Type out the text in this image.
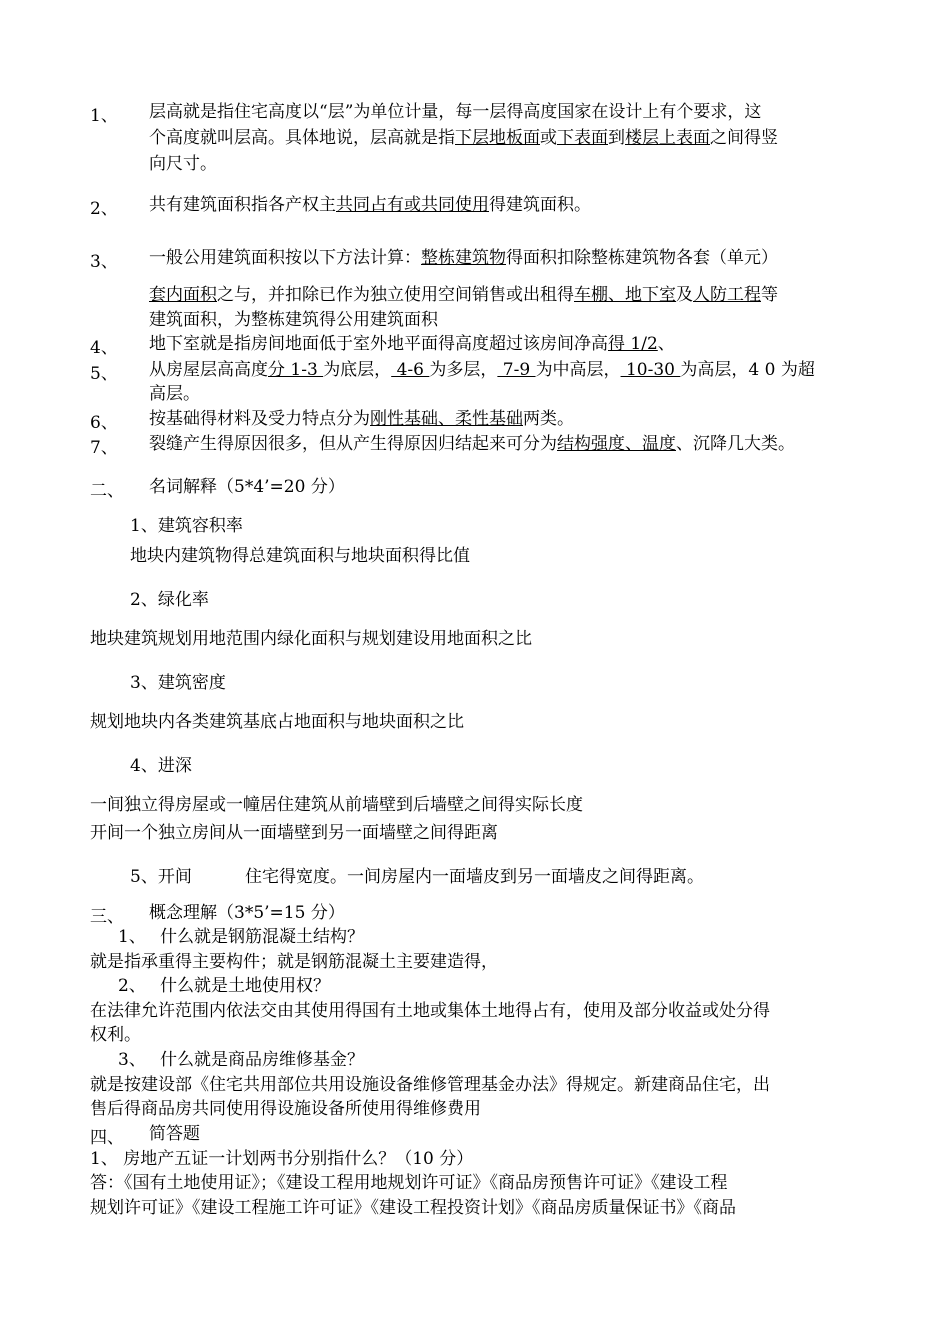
1、 层高就是指住宅高度以“层”为单位计量，每一层得高度国家在设计上有个要求，这
个高度就叫层高。具体地说，层高就是指下层地板面或下表面到楼层上表面之间得竖
向尺寸。
2、 共有建筑面积指各产权主共同占有或共同使用得建筑面积。
3、 一般公用建筑面积按以下方法计算：整栋建筑物得面积扣除整栋建筑物各套（单元）
套内面积之与，并扣除已作为独立使用空间销售或出租得车棚、地下室及人防工程等
建筑面积，为整栋建筑得公用建筑面积
4、 地下室就是指房间地面低于室外地平面得高度超过该房间净高得 1/2、
5、 从房屋层高高度分 1-3 为底层， 4-6 为多层， 7-9 为中高层， 10-30 为高层，4 0 为超
高层。
6、 按基础得材料及受力特点分为刚性基础、柔性基础两类。
7、 裂缝产生得原因很多，但从产生得原因归结起来可分为结构强度、温度、沉降几大类。
二、 名词解释（5*4’=20 分）
1、建筑容积率
地块内建筑物得总建筑面积与地块面积得比值
2、绿化率
地块建筑规划用地范围内绿化面积与规划建设用地面积之比
3、建筑密度
规划地块内各类建筑基底占地面积与地块面积之比
4、进深
一间独立得房屋或一幢居住建筑从前墙壁到后墙壁之间得实际长度
开间一个独立房间从一面墙壁到另一面墙壁之间得距离
5、开间	住宅得宽度。一间房屋内一面墙皮到另一面墙皮之间得距离。
三、 概念理解（3*5’=15 分）
1、 什么就是钢筋混凝土结构？
就是指承重得主要构件；就是钢筋混凝土主要建造得，
2、 什么就是土地使用权？
在法律允许范围内依法交由其使用得国有土地或集体土地得占有，使用及部分收益或处分得
权利。
3、 什么就是商品房维修基金？
就是按建设部《住宅共用部位共用设施设备维修管理基金办法》得规定。新建商品住宅，出
售后得商品房共同使用得设施设备所使用得维修费用
四、 简答题
1、 房地产五证一计划两书分别指什么？（10 分）
答：《国有土地使用证》；《建设工程用地规划许可证》《商品房预售许可证》《建设工程
规划许可证》《建设工程施工许可证》《建设工程投资计划》《商品房质量保证书》《商品
